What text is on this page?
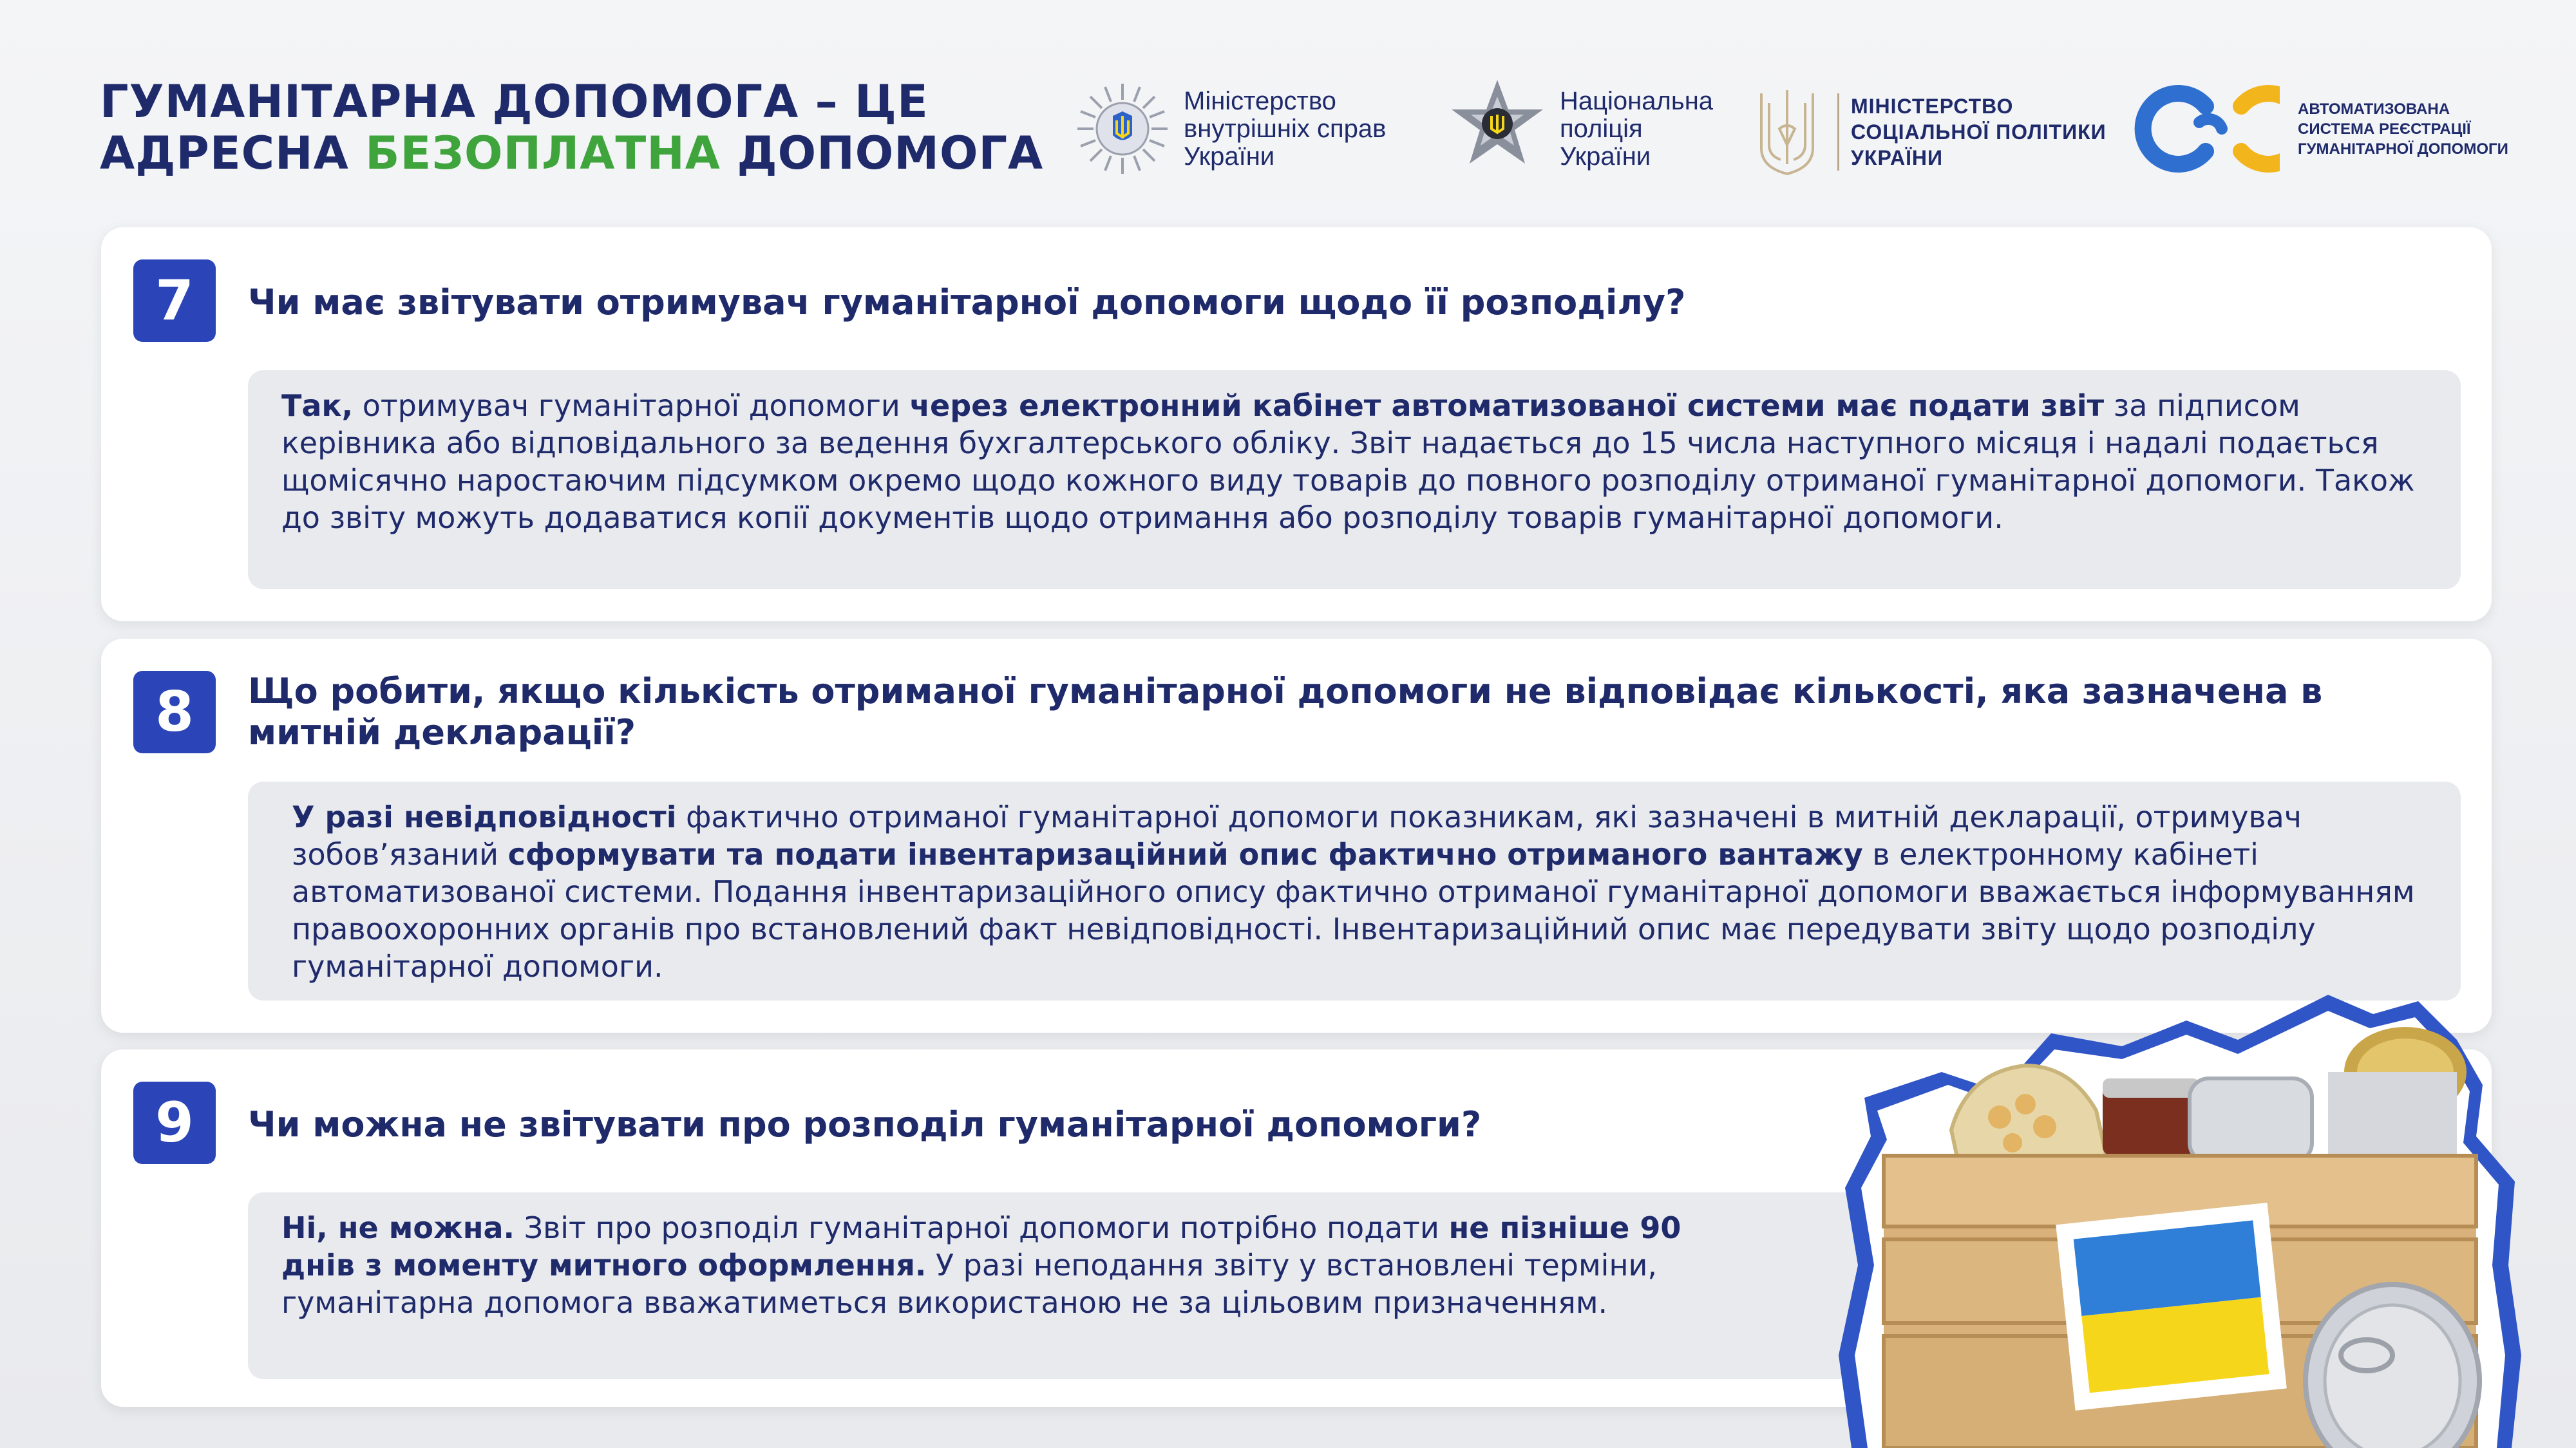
ГУМАНІТАРНА ДОПОМОГА – ЦЕ
АДРЕСНА БЕЗОПЛАТНА ДОПОМОГА
Міністерство
внутрішніх справ
України
Національна
поліція
України
МІНІСТЕРСТВО
СОЦІАЛЬНОЇ ПОЛІТИКИ
УКРАЇНИ
АВТОМАТИЗОВАНА
СИСТЕМА РЕЄСТРАЦІЇ
ГУМАНІТАРНОЇ ДОПОМОГИ
7	Чи має звітувати отримувач гуманітарної допомоги щодо її розподілу?
Так, отримувач гуманітарної допомоги через електронний кабінет автоматизованої системи має подати звіт за підписом керівника або відповідального за ведення бухгалтерського обліку. Звіт надається до 15 числа наступного місяця і надалі подається щомісячно наростаючим підсумком окремо щодо кожного виду товарів до повного розподілу отриманої гуманітарної допомоги. Також до звіту можуть додаватися копії документів щодо отримання або розподілу товарів гуманітарної допомоги.
8	Що робити, якщо кількість отриманої гуманітарної допомоги не відповідає кількості, яка зазначена в митній декларації?
У разі невідповідності фактично отриманої гуманітарної допомоги показникам, які зазначені в митній декларації, отримувач зобов’язаний сформувати та подати інвентаризаційний опис фактично отриманого вантажу в електронному кабінеті автоматизованої системи. Подання інвентаризаційного опису фактично отриманої гуманітарної допомоги вважається інформуванням правоохоронних органів про встановлений факт невідповідності. Інвентаризаційний опис має передувати звіту щодо розподілу гуманітарної допомоги.
9	Чи можна не звітувати про розподіл гуманітарної допомоги?
Ні, не можна. Звіт про розподіл гуманітарної допомоги потрібно подати не пізніше 90 днів з моменту митного оформлення. У разі неподання звіту у встановлені терміни, гуманітарна допомога вважатиметься використаною не за цільовим призначенням.
